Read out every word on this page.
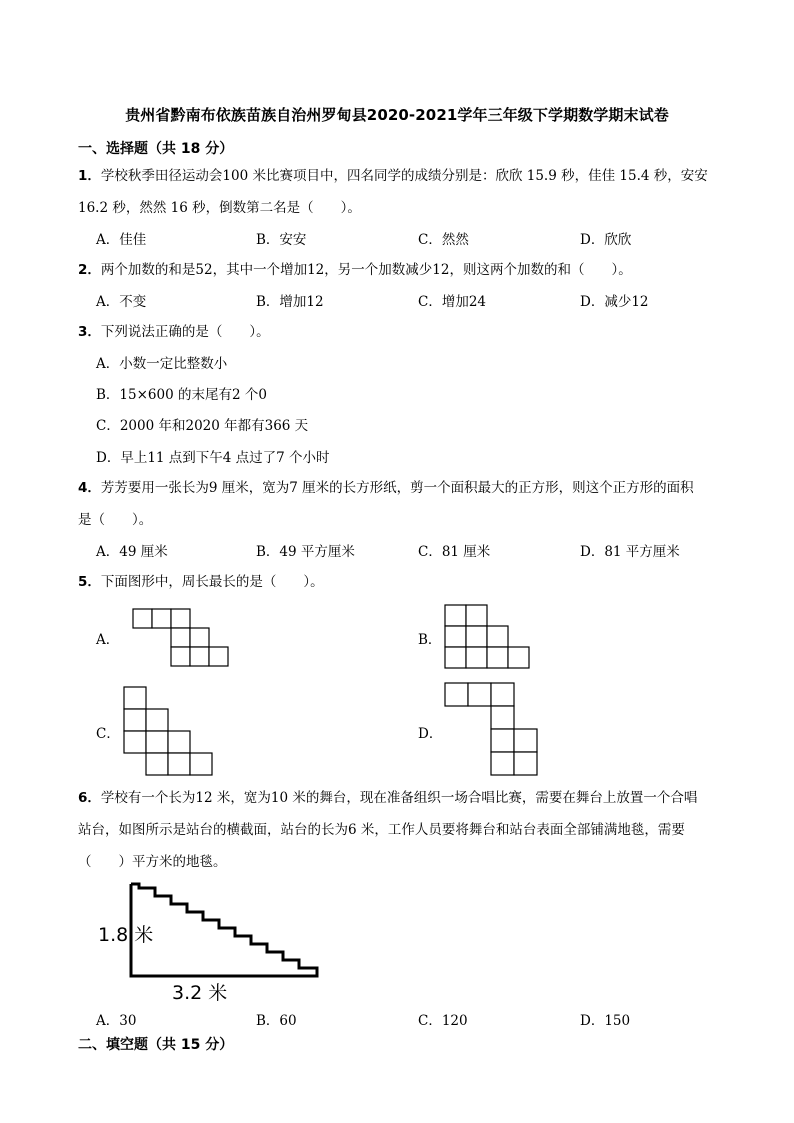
贵州省黔南布依族苗族自治州罗甸县2020-2021学年三年级下学期数学期末试卷
一、选择题（共 18 分）
1．学校秋季田径运动会100 米比赛项目中，四名同学的成绩分别是：欣欣 15.9 秒，佳佳 15.4 秒，安安
16.2 秒，然然 16 秒，倒数第二名是（　　）。
A．佳佳	B．安安	C．然然	D．欣欣
2．两个加数的和是52，其中一个增加12，另一个加数减少12，则这两个加数的和（　　）。
A．不变	B．增加12	C．增加24	D．减少12
3．下列说法正确的是（　　）。
A．小数一定比整数小
B．15×600 的末尾有2 个0
C．2000 年和2020 年都有366 天
D．早上11 点到下午4 点过了7 个小时
4．芳芳要用一张长为9 厘米，宽为7 厘米的长方形纸，剪一个面积最大的正方形，则这个正方形的面积
是（　　）。
A．49 厘米	B．49 平方厘米	C．81 厘米	D．81 平方厘米
5．下面图形中，周长最长的是（　　）。
A．	B．
C．	D．
6．学校有一个长为12 米，宽为10 米的舞台，现在准备组织一场合唱比赛，需要在舞台上放置一个合唱
站台，如图所示是站台的横截面，站台的长为6 米，工作人员要将舞台和站台表面全部铺满地毯，需要
（　　）平方米的地毯。
1.8 米
3.2 米
A．30	B．60	C．120	D．150
二、填空题（共 15 分）
